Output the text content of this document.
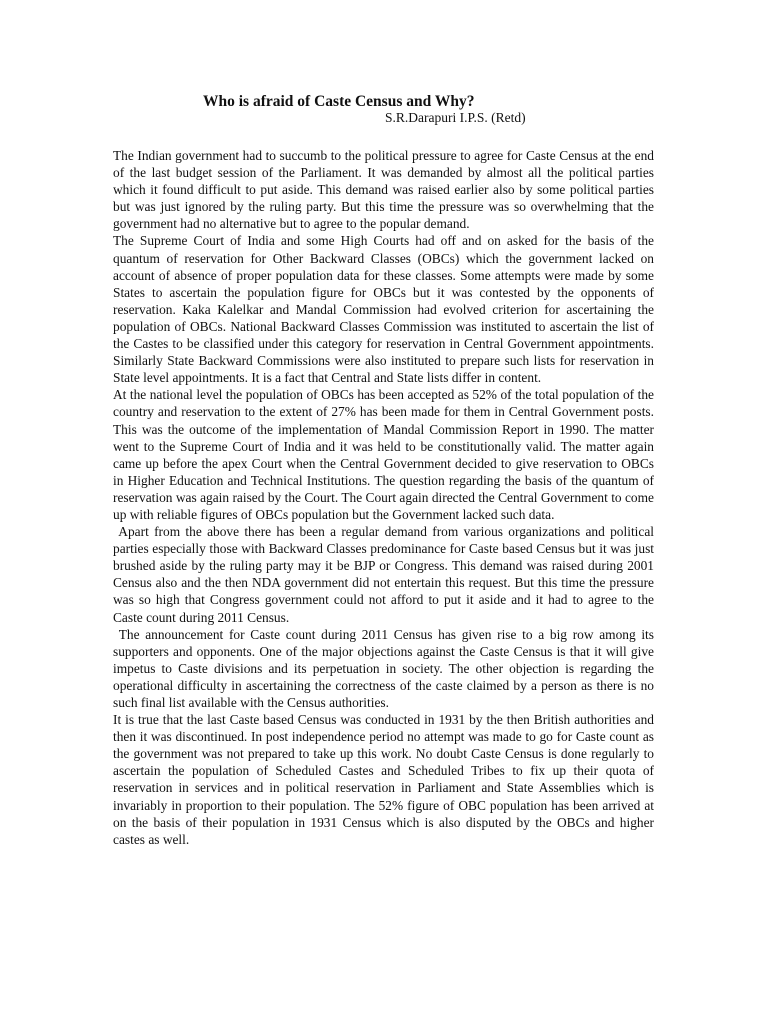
Who is afraid of Caste Census and Why?
S.R.Darapuri I.P.S. (Retd)

The Indian government had to succumb to the political pressure to agree for Caste Census at the end of the last budget session of the Parliament. It was demanded by almost all the political parties which it found difficult to put aside. This demand was raised earlier also by some political parties but was just ignored by the ruling party. But this time the pressure was so overwhelming that the government had no alternative but to agree to the popular demand.

The Supreme Court of India and some High Courts had off and on asked for the basis of the quantum of reservation for Other Backward Classes (OBCs) which the government lacked on account of absence of proper population data for these classes. Some attempts were made by some States to ascertain the population figure for OBCs but it was contested by the opponents of reservation. Kaka Kalelkar and Mandal Commission had evolved criterion for ascertaining the population of OBCs. National Backward Classes Commission was instituted to ascertain the list of the Castes to be classified under this category for reservation in Central Government appointments. Similarly State Backward Commissions were also instituted to prepare such lists for reservation in State level appointments. It is a fact that Central and State lists differ in content.

At the national level the population of OBCs has been accepted as 52% of the total population of the country and reservation to the extent of 27% has been made for them in Central Government posts. This was the outcome of the implementation of Mandal Commission Report in 1990. The matter went to the Supreme Court of India and it was held to be constitutionally valid. The matter again came up before the apex Court when the Central Government decided to give reservation to OBCs in Higher Education and Technical Institutions. The question regarding the basis of the quantum of reservation was again raised by the Court. The Court again directed the Central Government to come up with reliable figures of OBCs population but the Government lacked such data.

Apart from the above there has been a regular demand from various organizations and political parties especially those with Backward Classes predominance for Caste based Census but it was just brushed aside by the ruling party may it be BJP or Congress. This demand was raised during 2001 Census also and the then NDA government did not entertain this request. But this time the pressure was so high that Congress government could not afford to put it aside and it had to agree to the Caste count during 2011 Census.

The announcement for Caste count during 2011 Census has given rise to a big row among its supporters and opponents. One of the major objections against the Caste Census is that it will give impetus to Caste divisions and its perpetuation in society. The other objection is regarding the operational difficulty in ascertaining the correctness of the caste claimed by a person as there is no such final list available with the Census authorities.

It is true that the last Caste based Census was conducted in 1931 by the then British authorities and then it was discontinued. In post independence period no attempt was made to go for Caste count as the government was not prepared to take up this work. No doubt Caste Census is done regularly to ascertain the population of Scheduled Castes and Scheduled Tribes to fix up their quota of reservation in services and in political reservation in Parliament and State Assemblies which is invariably in proportion to their population. The 52% figure of OBC population has been arrived at on the basis of their population in 1931 Census which is also disputed by the OBCs and higher castes as well.
